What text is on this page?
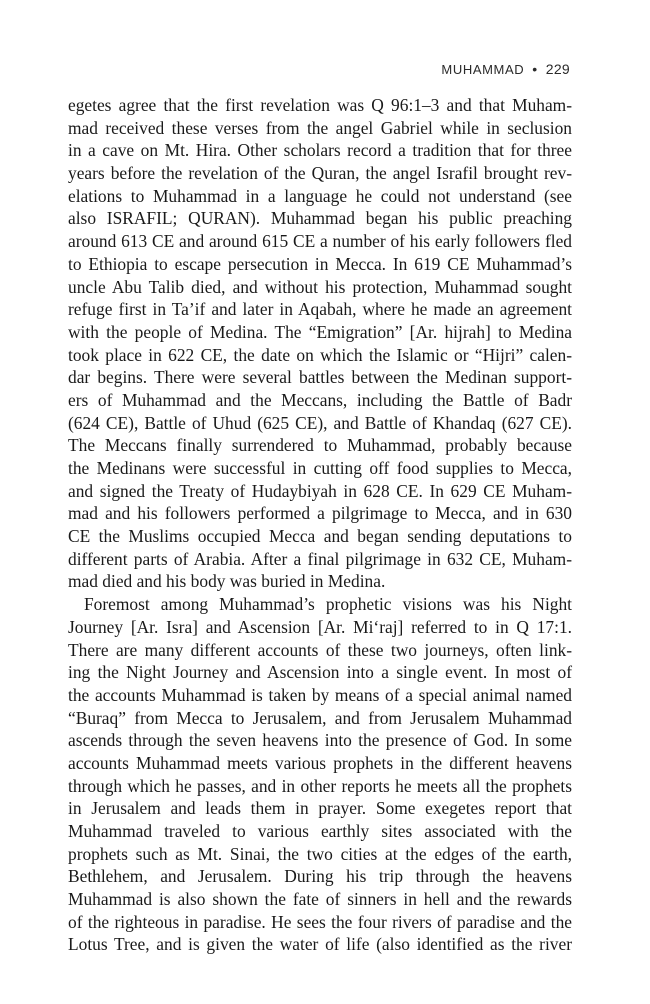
MUHAMMAD • 229
egetes agree that the first revelation was Q 96:1–3 and that Muham-
mad received these verses from the angel Gabriel while in seclusion
in a cave on Mt. Hira. Other scholars record a tradition that for three
years before the revelation of the Quran, the angel Israfil brought rev-
elations to Muhammad in a language he could not understand (see
also ISRAFIL; QURAN). Muhammad began his public preaching
around 613 CE and around 615 CE a number of his early followers fled
to Ethiopia to escape persecution in Mecca. In 619 CE Muhammad’s
uncle Abu Talib died, and without his protection, Muhammad sought
refuge first in Ta’if and later in Aqabah, where he made an agreement
with the people of Medina. The “Emigration” [Ar. hijrah] to Medina
took place in 622 CE, the date on which the Islamic or “Hijri” calen-
dar begins. There were several battles between the Medinan support-
ers of Muhammad and the Meccans, including the Battle of Badr
(624 CE), Battle of Uhud (625 CE), and Battle of Khandaq (627 CE).
The Meccans finally surrendered to Muhammad, probably because
the Medinans were successful in cutting off food supplies to Mecca,
and signed the Treaty of Hudaybiyah in 628 CE. In 629 CE Muham-
mad and his followers performed a pilgrimage to Mecca, and in 630
CE the Muslims occupied Mecca and began sending deputations to
different parts of Arabia. After a final pilgrimage in 632 CE, Muham-
mad died and his body was buried in Medina.
Foremost among Muhammad’s prophetic visions was his Night
Journey [Ar. Isra] and Ascension [Ar. Mi‘raj] referred to in Q 17:1.
There are many different accounts of these two journeys, often link-
ing the Night Journey and Ascension into a single event. In most of
the accounts Muhammad is taken by means of a special animal named
“Buraq” from Mecca to Jerusalem, and from Jerusalem Muhammad
ascends through the seven heavens into the presence of God. In some
accounts Muhammad meets various prophets in the different heavens
through which he passes, and in other reports he meets all the prophets
in Jerusalem and leads them in prayer. Some exegetes report that
Muhammad traveled to various earthly sites associated with the
prophets such as Mt. Sinai, the two cities at the edges of the earth,
Bethlehem, and Jerusalem. During his trip through the heavens
Muhammad is also shown the fate of sinners in hell and the rewards
of the righteous in paradise. He sees the four rivers of paradise and the
Lotus Tree, and is given the water of life (also identified as the river
